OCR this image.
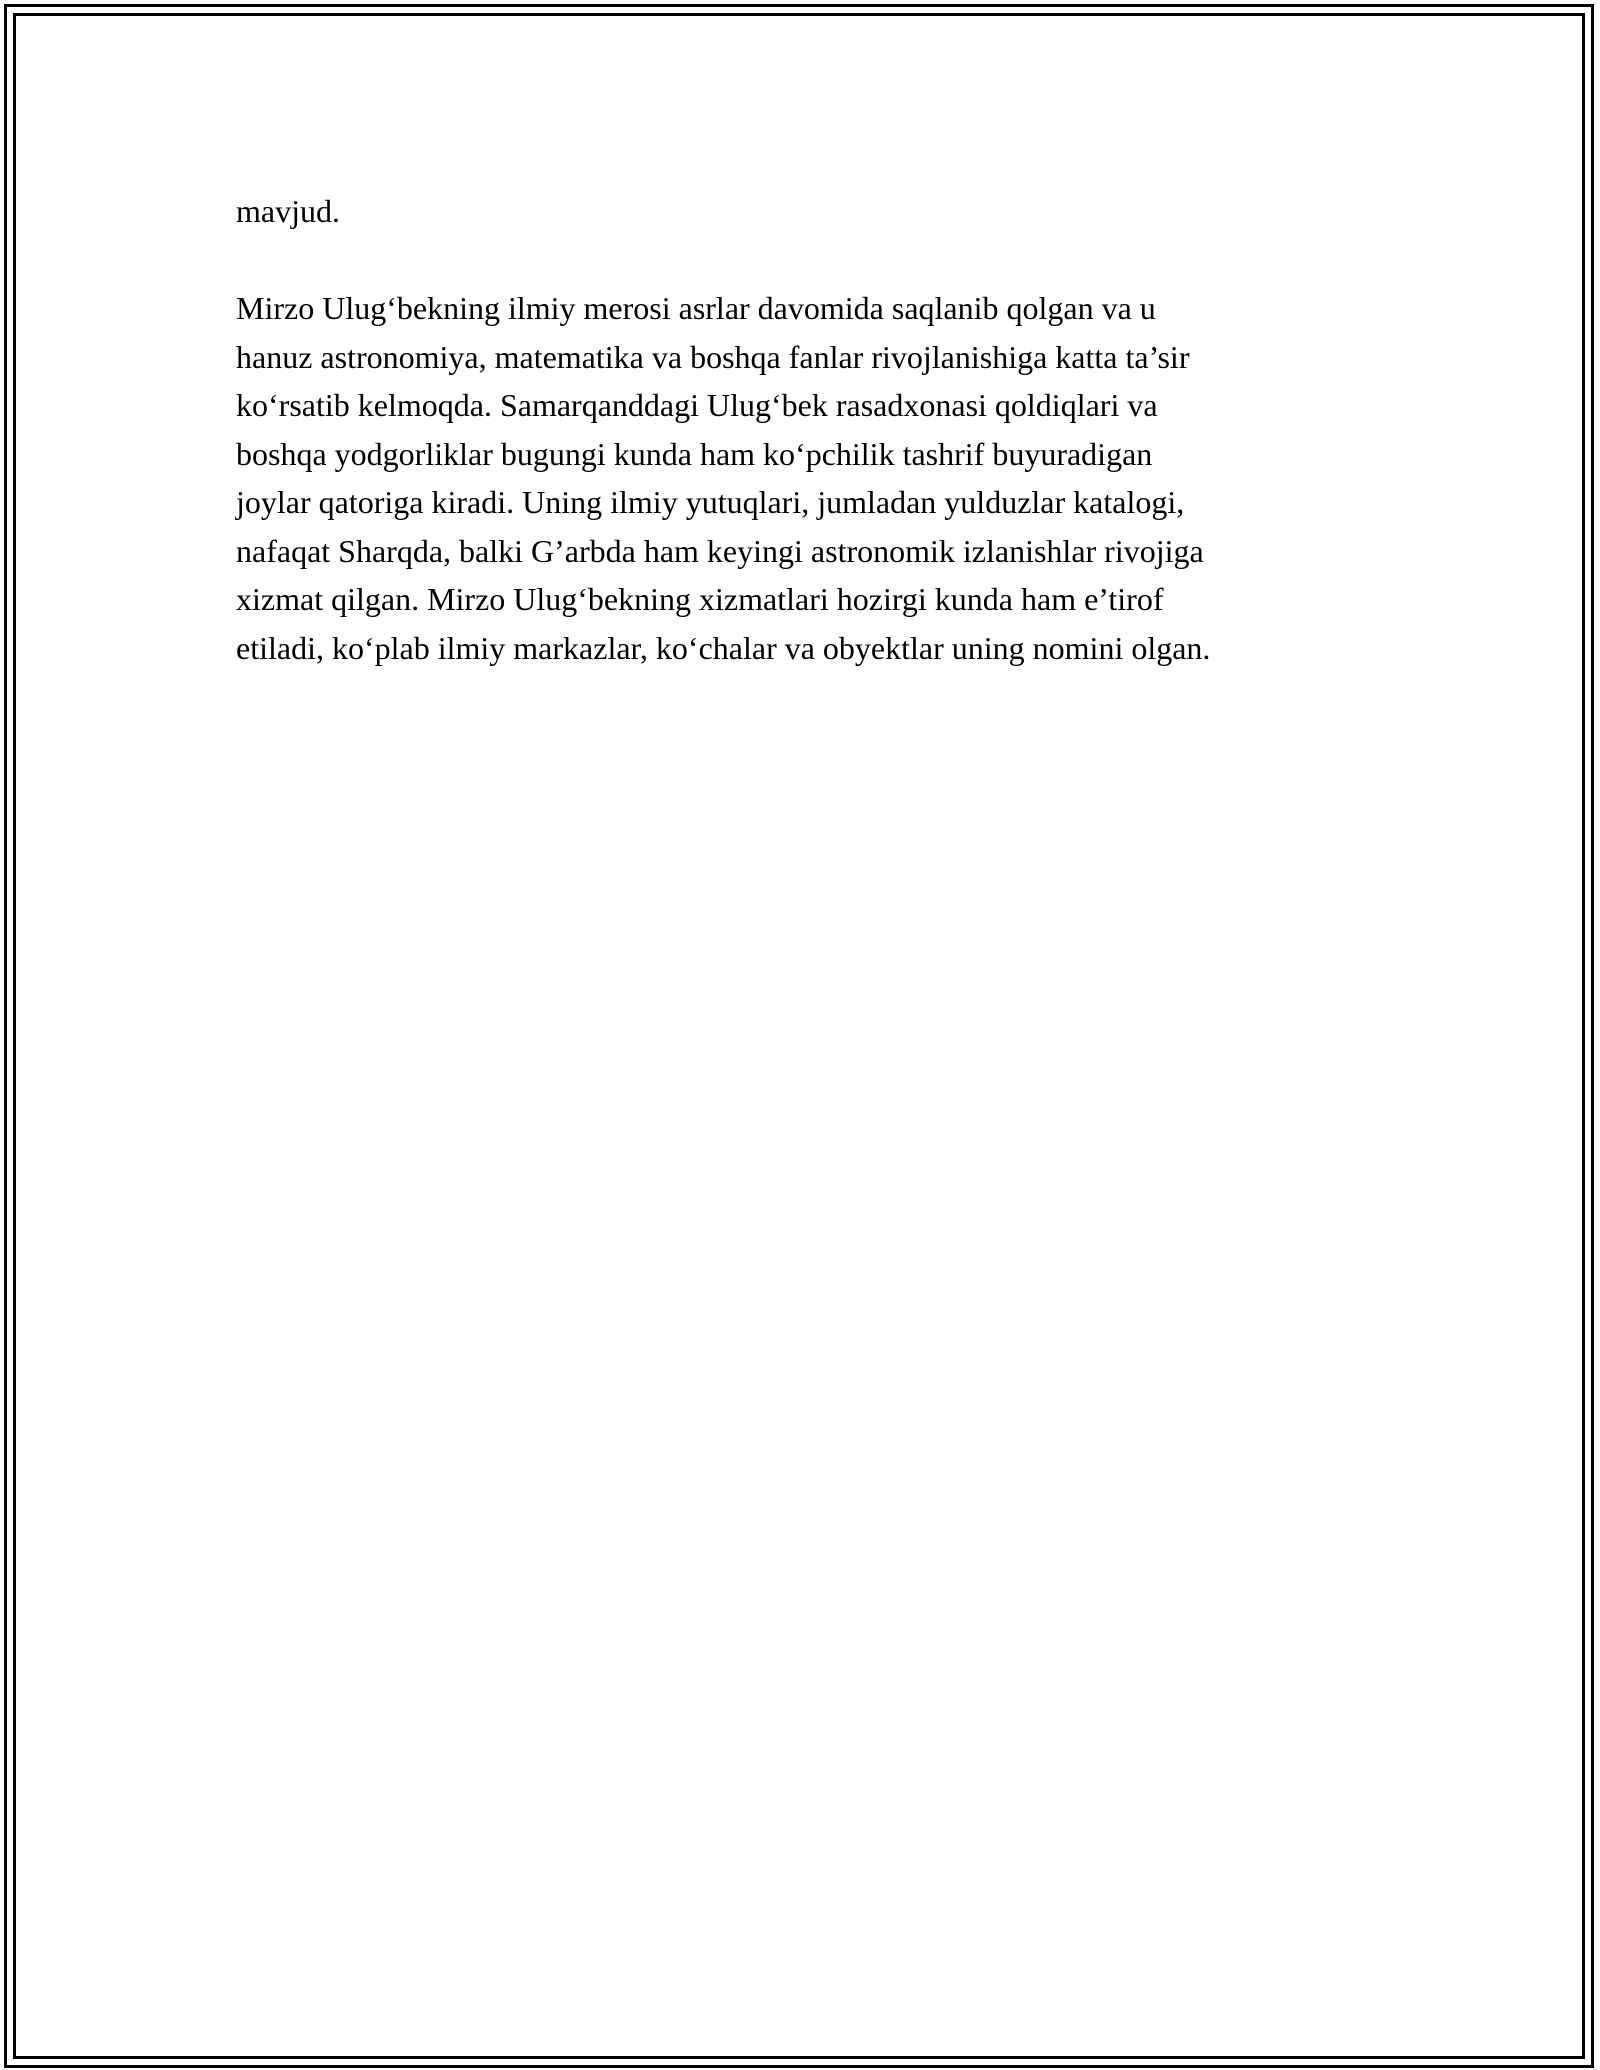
mavjud.

Mirzo Ulug‘bekning ilmiy merosi asrlar davomida saqlanib qolgan va u
hanuz astronomiya, matematika va boshqa fanlar rivojlanishiga katta ta’sir
ko‘rsatib kelmoqda. Samarqanddagi Ulug‘bek rasadxonasi qoldiqlari va
boshqa yodgorliklar bugungi kunda ham ko‘pchilik tashrif buyuradigan
joylar qatoriga kiradi. Uning ilmiy yutuqlari, jumladan yulduzlar katalogi,
nafaqat Sharqda, balki G’arbda ham keyingi astronomik izlanishlar rivojiga
xizmat qilgan. Mirzo Ulug‘bekning xizmatlari hozirgi kunda ham e’tirof
etiladi, ko‘plab ilmiy markazlar, ko‘chalar va obyektlar uning nomini olgan.
